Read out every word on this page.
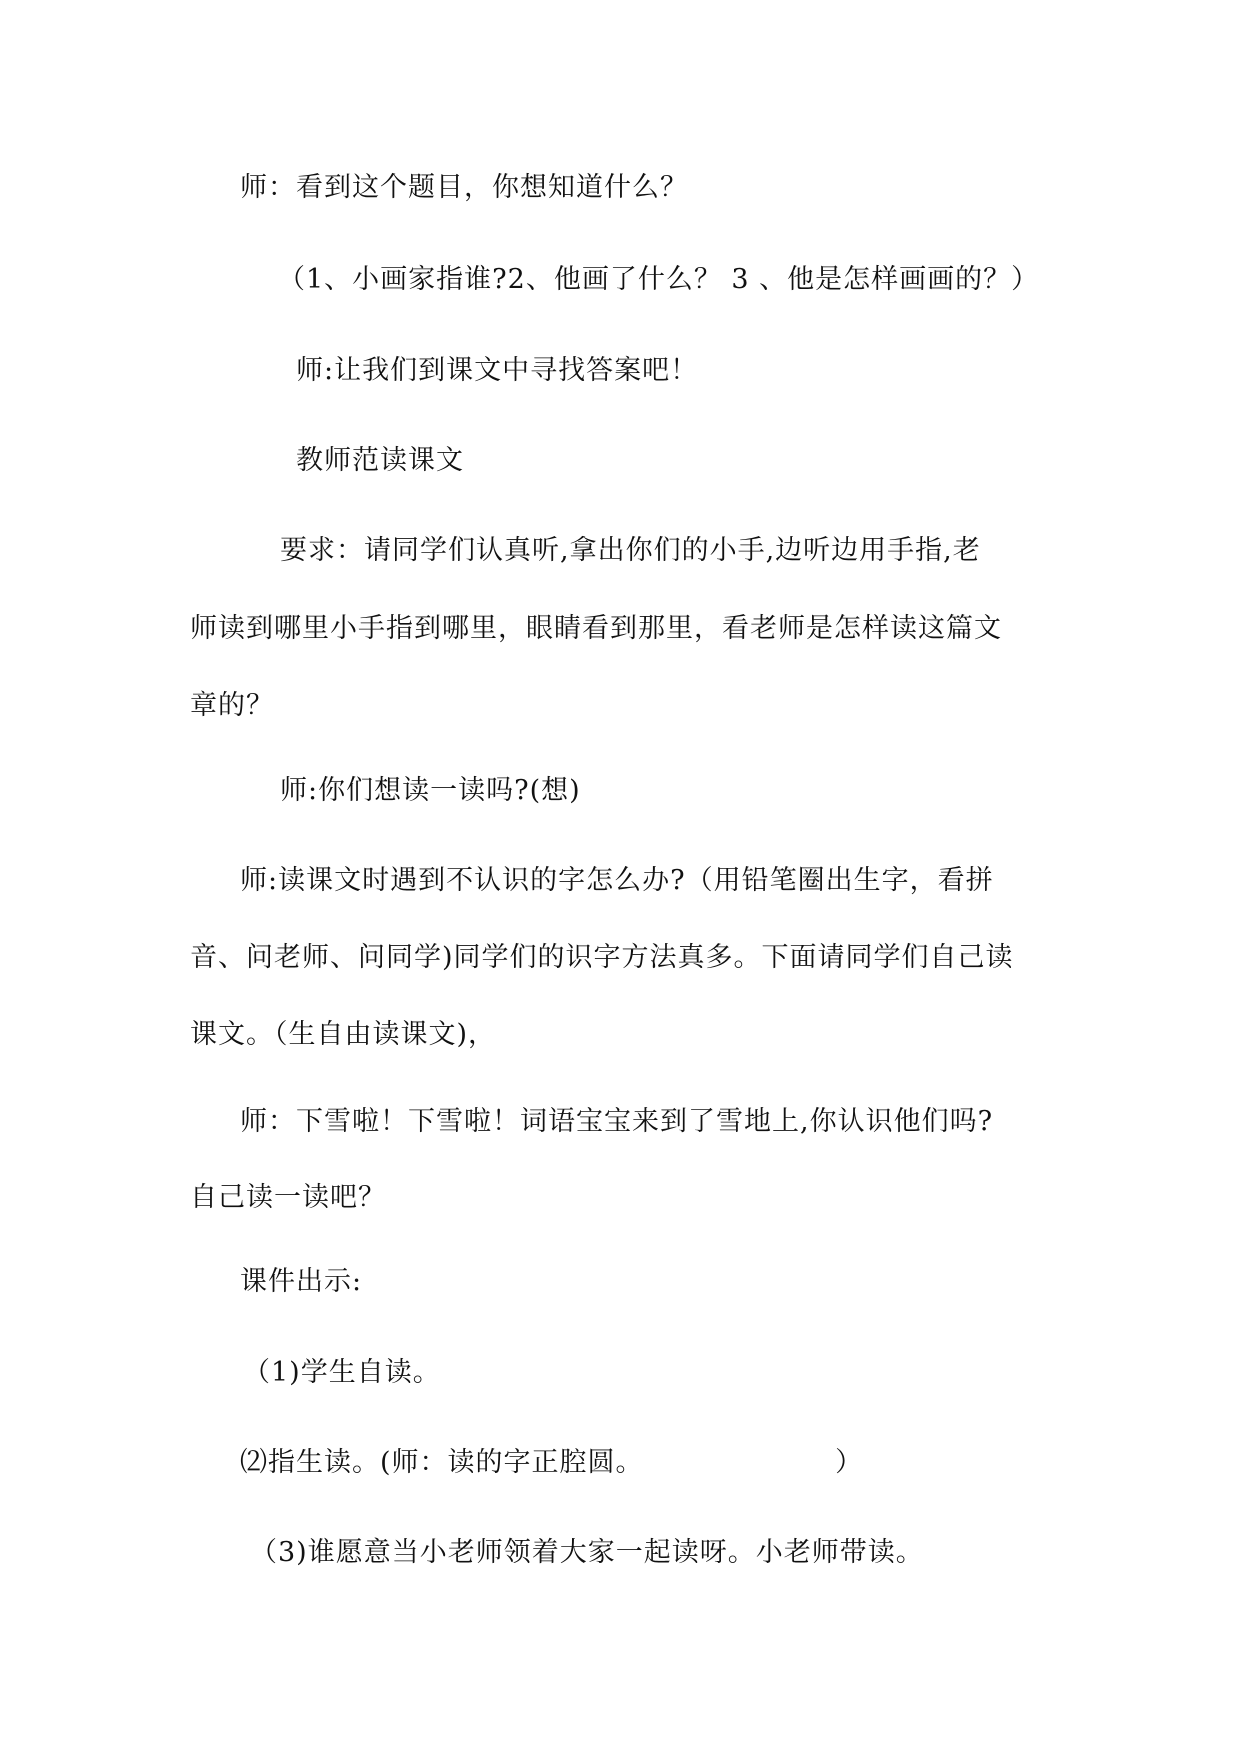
师：看到这个题目，你想知道什么？

（1、小画家指谁?2、他画了什么？ 3 、他是怎样画画的？）

师:让我们到课文中寻找答案吧！

教师范读课文

要求：请同学们认真听,拿出你们的小手,边听边用手指,老

师读到哪里小手指到哪里，眼睛看到那里，看老师是怎样读这篇文

章的？

师:你们想读一读吗?(想)

师:读课文时遇到不认识的字怎么办?（用铅笔圈出生字，看拼

音、问老师、问同学)同学们的识字方法真多。下面请同学们自己读

课文。（生自由读课文)，

师：下雪啦！下雪啦！词语宝宝来到了雪地上,你认识他们吗?

自己读一读吧？

课件出示:

（1)学生自读。

⑵指生读。(师：读的字正腔圆。                    ）

（3)谁愿意当小老师领着大家一起读呀。小老师带读。
